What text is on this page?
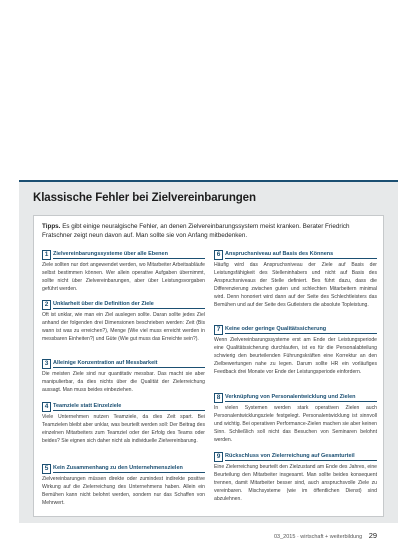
Klassische Fehler bei Zielvereinbarungen

Tipps. Es gibt einige neuralgische Fehler, an denen Zielvereinbarungssystem meist kranken. Berater Friedrich Fratschner zeigt neun davon auf. Man sollte sie von Anfang mitbedenken.

1 Zielvereinbarungssysteme über alle Ebenen

Ziele sollten nur dort angewendet werden, wo Mitarbeiter Arbeitsabläufe selbst bestimmen können. Wer allein operative Aufgaben übernimmt, sollte nicht über Zielvereinbarungen, aber über Leistungsvorgaben geführt werden.

2 Unklarheit über die Definition der Ziele

Oft ist unklar, wie man ein Ziel auslegen sollte. Daran sollte jedes Ziel anhand der folgenden drei Dimensionen beschrieben werden: Zeit (Bis wann ist was zu erreichen?), Menge (Wie viel muss erreicht werden in messbaren Einheiten?) und Güte (Wie gut muss das Erreichte sein?).

3 Alleinige Konzentration auf Messbarkeit

Die meisten Ziele sind nur quantitativ messbar. Das macht sie aber manipulierbar, da dies nichts über die Qualität der Zielerreichung aussagt. Man muss beides einbeziehen.

4 Teamziele statt Einzelziele

Viele Unternehmen nutzen Teamziele, da dies Zeit spart. Bei Teamzielen bleibt aber unklar, was beurteilt werden soll: Der Beitrag des einzelnen Mitarbeiters zum Teamziel oder der Erfolg des Teams oder beides? Sie eignen sich daher nicht als individuelle Zielvereinbarung.

5 Kein Zusammenhang zu den Unternehmenszielen

Zielvereinbarungen müssen direkte oder zumindest indirekte positive Wirkung auf die Zielerreichung des Unternehmens haben. Allein ein Bemühen kann nicht belohnt werden, sondern nur das Schaffen von Mehrwert.

6 Anspruchsniveau auf Basis des Könnens

Häufig wird das Anspruchsniveau der Ziele auf Basis der Leistungsfähigkeit des Stelleninhabers und nicht auf Basis des Anspruchsniveaus der Stelle definiert. Bes führt dazu, dass die Differenzierung zwischen guten und schlechten Mitarbeitern minimal wird. Denn honoriert wird dann auf der Seite des Schlechtleisters das Bemühen und auf der Seite des Gutleisters die absolute Topleistung.

7 Keine oder geringe Qualitätssicherung

Wenn Zielvereinbarungssysteme erst am Ende der Leistungsperiode eine Qualitätssicherung durchlaufen, ist es für die Personalabteilung schwierig den beurteilenden Führungskräften eine Korrektur an den Zielbewertungen nahe zu legen. Darum sollte HR ein vorläufiges Feedback drei Monate vor Ende der Leistungsperiode einfordern.

8 Verknüpfung von Personalentwicklung und Zielen

In vielen Systemen werden stark operativen Zielen auch Personalentwicklungsziele festgelegt. Personalentwicklung ist sinnvoll und wichtig. Bei operativen Performance-Zielen machen sie aber keinen Sinn. Schließlich soll nicht das Besuchen von Seminaren belohnt werden.

9 Rückschluss von Zielerreichung auf Gesamturteil

Eine Zielerreichung beurteilt den Zielzustand am Ende des Jahres, eine Beurteilung den Mitarbeiter insgesamt. Man sollte beides konsequent trennen, damit Mitarbeiter besser sind, auch anspruchsvolle Ziele zu vereinbaren. Mischsysteme (wie im öffentlichen Dienst) sind abzulehnen.

03_2015 · wirtschaft + weiterbildung 29
